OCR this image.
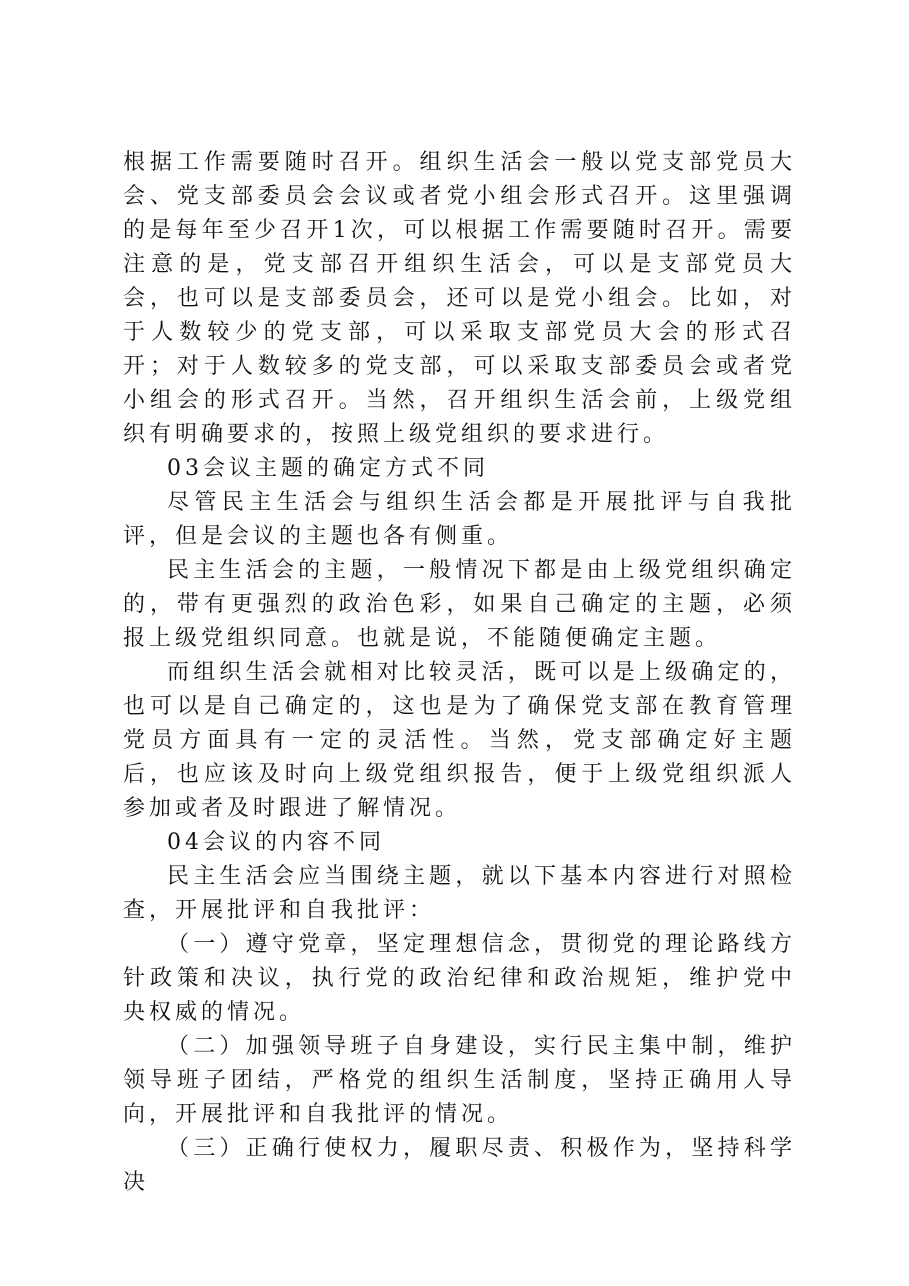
根据工作需要随时召开。组织生活会一般以党支部党员大会、党支部委员会会议或者党小组会形式召开。这里强调的是每年至少召开1次，可以根据工作需要随时召开。需要注意的是，党支部召开组织生活会，可以是支部党员大会，也可以是支部委员会，还可以是党小组会。比如，对于人数较少的党支部，可以采取支部党员大会的形式召开；对于人数较多的党支部，可以采取支部委员会或者党小组会的形式召开。当然，召开组织生活会前，上级党组织有明确要求的，按照上级党组织的要求进行。

03会议主题的确定方式不同

尽管民主生活会与组织生活会都是开展批评与自我批评，但是会议的主题也各有侧重。

民主生活会的主题，一般情况下都是由上级党组织确定的，带有更强烈的政治色彩，如果自己确定的主题，必须报上级党组织同意。也就是说，不能随便确定主题。

而组织生活会就相对比较灵活，既可以是上级确定的，也可以是自己确定的，这也是为了确保党支部在教育管理党员方面具有一定的灵活性。当然，党支部确定好主题后，也应该及时向上级党组织报告，便于上级党组织派人参加或者及时跟进了解情况。

04会议的内容不同

民主生活会应当围绕主题，就以下基本内容进行对照检查，开展批评和自我批评：

（一）遵守党章，坚定理想信念，贯彻党的理论路线方针政策和决议，执行党的政治纪律和政治规矩，维护党中央权威的情况。

（二）加强领导班子自身建设，实行民主集中制，维护领导班子团结，严格党的组织生活制度，坚持正确用人导向，开展批评和自我批评的情况。

（三）正确行使权力，履职尽责、积极作为，坚持科学决
